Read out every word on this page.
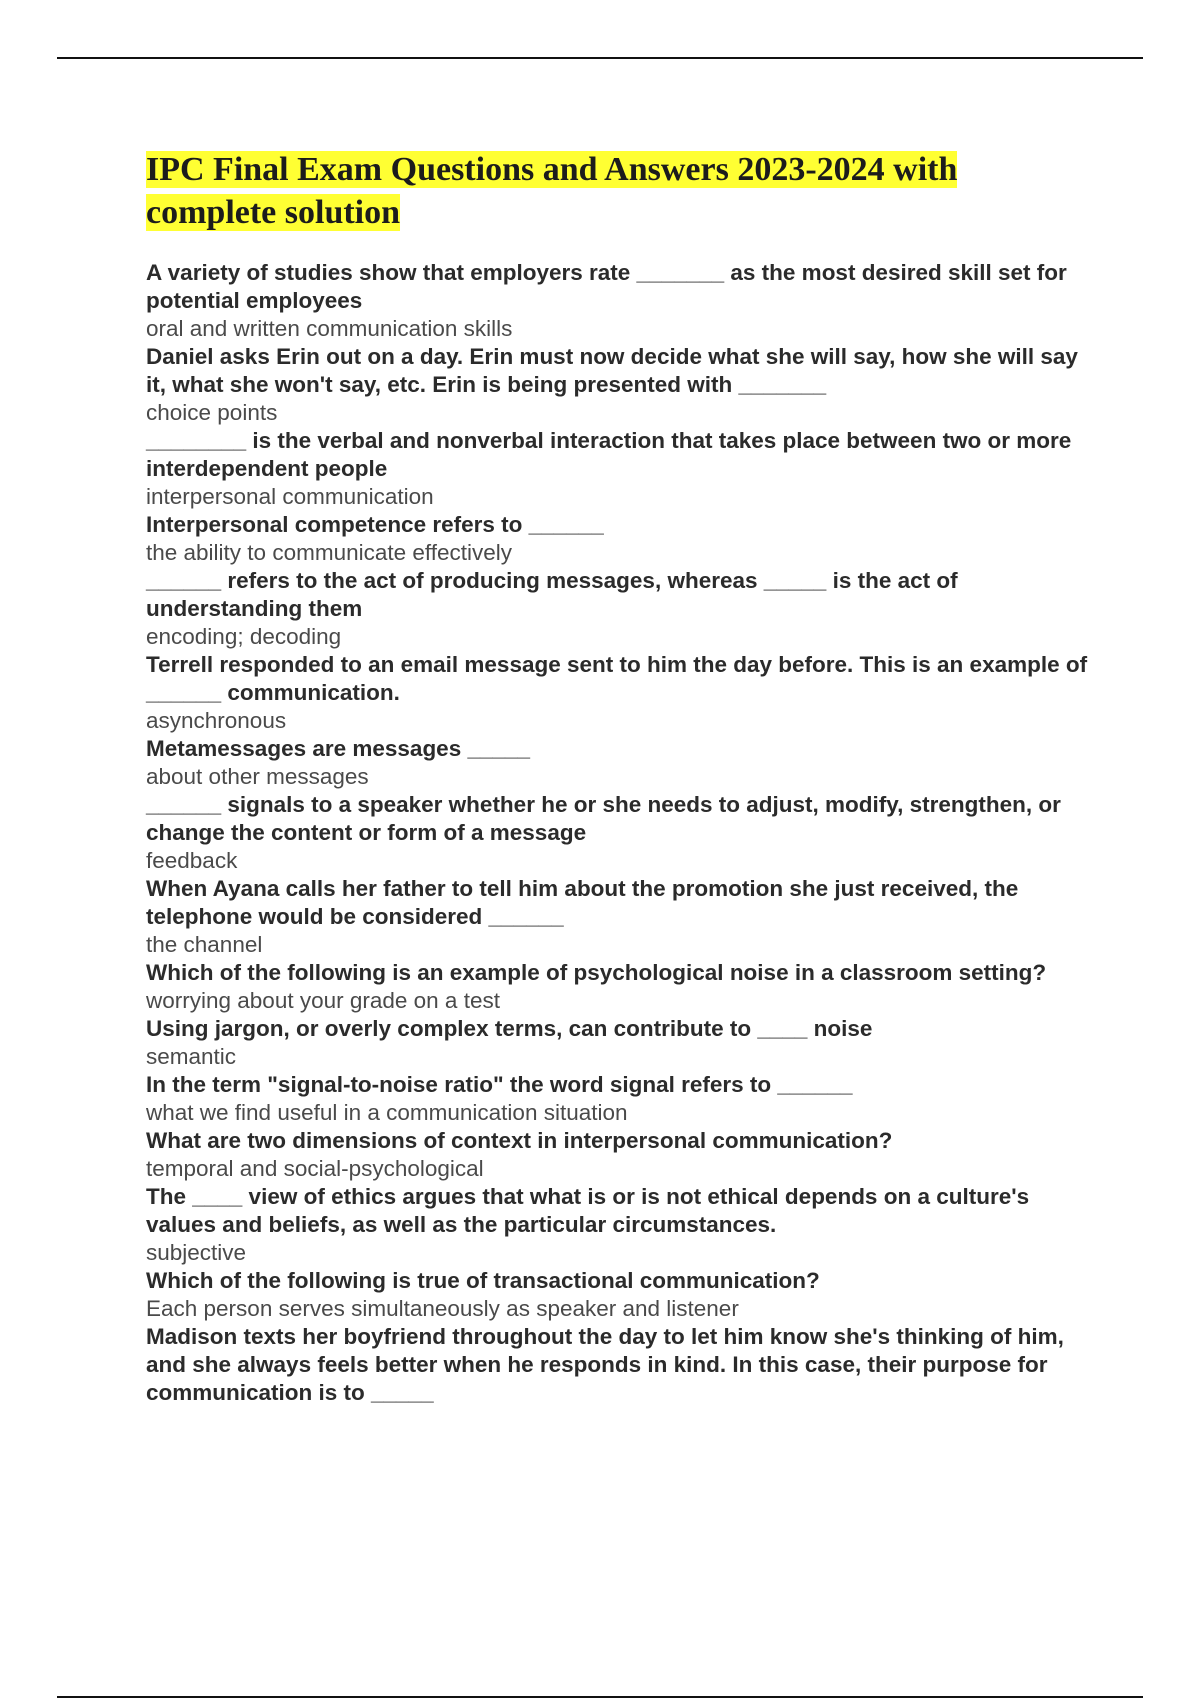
IPC Final Exam Questions and Answers 2023-2024 with complete solution

A variety of studies show that employers rate _______ as the most desired skill set for potential employees

oral and written communication skills

Daniel asks Erin out on a day. Erin must now decide what she will say, how she will say it, what she won't say, etc. Erin is being presented with _______

choice points

________ is the verbal and nonverbal interaction that takes place between two or more interdependent people

interpersonal communication

Interpersonal competence refers to ______

the ability to communicate effectively

______ refers to the act of producing messages, whereas _____ is the act of understanding them

encoding; decoding

Terrell responded to an email message sent to him the day before. This is an example of ______ communication.

asynchronous

Metamessages are messages _____

about other messages

______ signals to a speaker whether he or she needs to adjust, modify, strengthen, or change the content or form of a message

feedback

When Ayana calls her father to tell him about the promotion she just received, the telephone would be considered ______

the channel

Which of the following is an example of psychological noise in a classroom setting?

worrying about your grade on a test

Using jargon, or overly complex terms, can contribute to ____ noise

semantic

In the term "signal-to-noise ratio" the word signal refers to ______

what we find useful in a communication situation

What are two dimensions of context in interpersonal communication?

temporal and social-psychological

The ____ view of ethics argues that what is or is not ethical depends on a culture's values and beliefs, as well as the particular circumstances.

subjective

Which of the following is true of transactional communication?

Each person serves simultaneously as speaker and listener

Madison texts her boyfriend throughout the day to let him know she's thinking of him, and she always feels better when he responds in kind. In this case, their purpose for communication is to _____
